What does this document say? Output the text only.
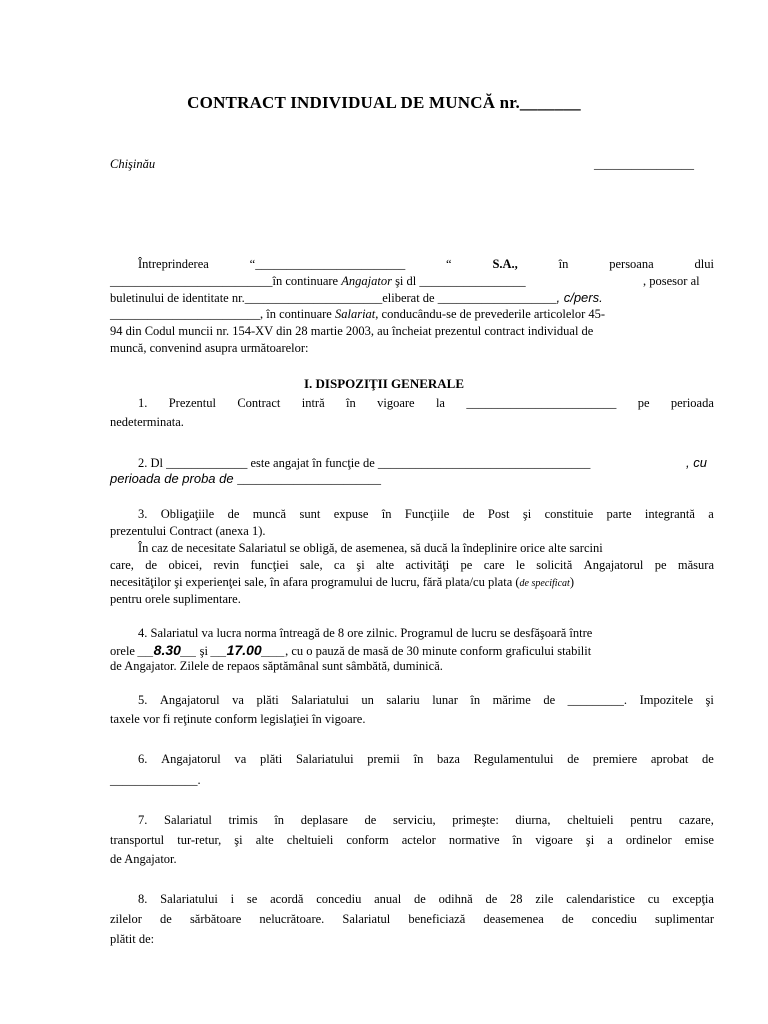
CONTRACT INDIVIDUAL DE MUNCĂ nr._______
Chişinău	________________
Întreprinderea	“________________________	“	S.A.,	în	persoana	dlui
__________________________în continuare Angajator şi dl _________________	, posesor al
buletinului de identitate nr.______________________eliberat de ___________________, c/pers.
________________________, în continuare Salariat, conducându-se de prevederile articolelor 45-
94 din Codul muncii nr. 154-XV din 28 martie 2003, au încheiat prezentul contract individual de
muncă, convenind asupra următoarelor:
I. DISPOZIŢII GENERALE
1. Prezentul Contract intră în vigoare la ________________________ pe perioada
nedeterminata.
2. Dl _____________ este angajat în funcţie de __________________________________	, cu
perioada de proba de _______________________
3. Obligaţiile de muncă sunt expuse în Funcţiile de Post şi constituie parte integrantă a
prezentului Contract (anexa 1).
În caz de necesitate Salariatul se obligă, de asemenea, să ducă la îndeplinire orice alte sarcini
care, de obicei, revin funcţiei sale, ca şi alte activităţi pe care le solicită Angajatorul pe măsura
necesităţilor şi experienţei sale, în afara programului de lucru, fără plata/cu plata (de specificat)
pentru orele suplimentare.
4. Salariatul va lucra norma întreagă de 8 ore zilnic. Programul de lucru se desfăşoară între
orele __8.30__ şi __17.00___, cu o pauză de masă de 30 minute conform graficului stabilit
de Angajator. Zilele de repaos săptămânal sunt sâmbătă, duminică.
5. Angajatorul va plăti Salariatului un salariu lunar în mărime de _________. Impozitele şi
taxele vor fi reţinute conform legislaţiei în vigoare.
6. Angajatorul va plăti Salariatului premii în baza Regulamentului de premiere aprobat de
______________.
7. Salariatul trimis în deplasare de serviciu, primeşte: diurna, cheltuieli pentru cazare,
transportul tur-retur, şi alte cheltuieli conform actelor normative în vigoare şi a ordinelor emise
de Angajator.
8. Salariatului i se acordă concediu anual de odihnă de 28 zile calendaristice cu excepţia
zilelor de sărbătoare nelucrătoare. Salariatul beneficiază deasemenea de concediu suplimentar
plătit de:
